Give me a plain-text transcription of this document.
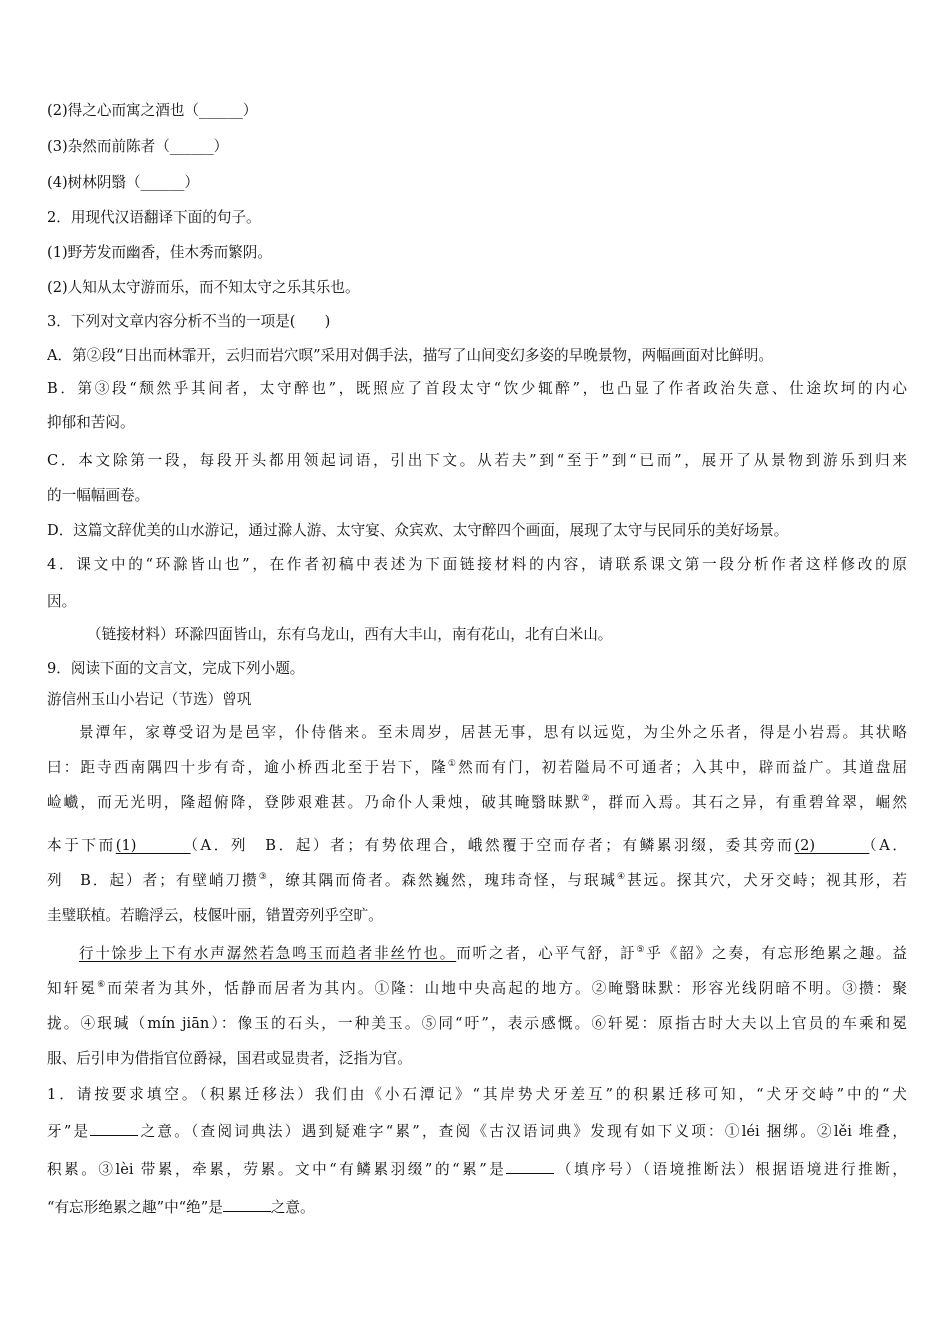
(2)得之心而寓之酒也（______）
(3)杂然而前陈者（______）
(4)树林阴翳（______）
2．用现代汉语翻译下面的句子。
(1)野芳发而幽香，佳木秀而繁阴。
(2)人知从太守游而乐，而不知太守之乐其乐也。
3．下列对文章内容分析不当的一项是(　　)
A．第②段“日出而林霏开，云归而岩穴暝”采用对偶手法，描写了山间变幻多姿的早晚景物，两幅画面对比鲜明。
B．第③段“颓然乎其间者，太守醉也”，既照应了首段太守“饮少辄醉”，也凸显了作者政治失意、仕途坎坷的内心
抑郁和苦闷。
C．本文除第一段，每段开头都用领起词语，引出下文。从若夫”到“至于”到“已而”，展开了从景物到游乐到归来
的一幅幅画卷。
D．这篇文辞优美的山水游记，通过滁人游、太守宴、众宾欢、太守醉四个画面，展现了太守与民同乐的美好场景。
4．课文中的“环滁皆山也”，在作者初稿中表述为下面链接材料的内容，请联系课文第一段分析作者这样修改的原
因。
（链接材料）环滁四面皆山，东有乌龙山，西有大丰山，南有花山，北有白米山。
9．阅读下面的文言文，完成下列小题。
游信州玉山小岩记（节选）曾巩
景潭年，家尊受诏为是邑宰，仆侍偕来。至未周岁，居甚无事，思有以远览，为尘外之乐者，得是小岩焉。其状略
曰：距寺西南隅四十步有奇，逾小桥西北至于岩下，隆①然而有门，初若隘局不可通者；入其中，辟而益广。其道盘屈
崄巇，而无光明，隆超俯降，登陟艰难甚。乃命仆人秉烛，破其晻翳昧默②，群而入焉。其石之异，有重碧耸翠，崛然
本于下而(1)　　　	（A．列　B．起）者；有势依理合，峨然覆于空而存者；有鳞累羽缀，委其旁而(2)　　　	（A．
列　B．起）者；有壁峭刀攒③，缭其隅而倚者。森然巍然，瑰玮奇怪，与珉瑊④甚远。探其穴，犬牙交峙；视其形，若
圭璧联植。若瞻浮云，枝偃叶丽，错置旁列乎空旷。
行十馀步上下有水声潺然若急鸣玉而趋者非丝竹也。而听之者，心平气舒，訏⑤乎《韶》之奏，有忘形绝累之趣。益
知轩冕⑥而荣者为其外，恬静而居者为其内。①隆：山地中央高起的地方。②晻翳昧默：形容光线阴暗不明。③攒：聚
拢。④珉瑊（mín jiān）：像玉的石头，一种美玉。⑤同“吁”，表示感慨。⑥轩冕：原指古时大夫以上官员的车乘和冕
服、后引申为借指官位爵禄，国君或显贵者，泛指为官。
1．请按要求填空。（积累迁移法）我们由《小石潭记》“其岸势犬牙差互”的积累迁移可知，“犬牙交峙”中的“犬
牙”是	之意。（查阅词典法）遇到疑难字“累”，查阅《古汉语词典》发现有如下义项：①léi 捆绑。②lěi 堆叠，
积累。③lèi 带累，牵累，劳累。文中“有鳞累羽缀”的“累”是	（填序号）（语境推断法）根据语境进行推断，
“有忘形绝累之趣”中“绝”是	之意。
